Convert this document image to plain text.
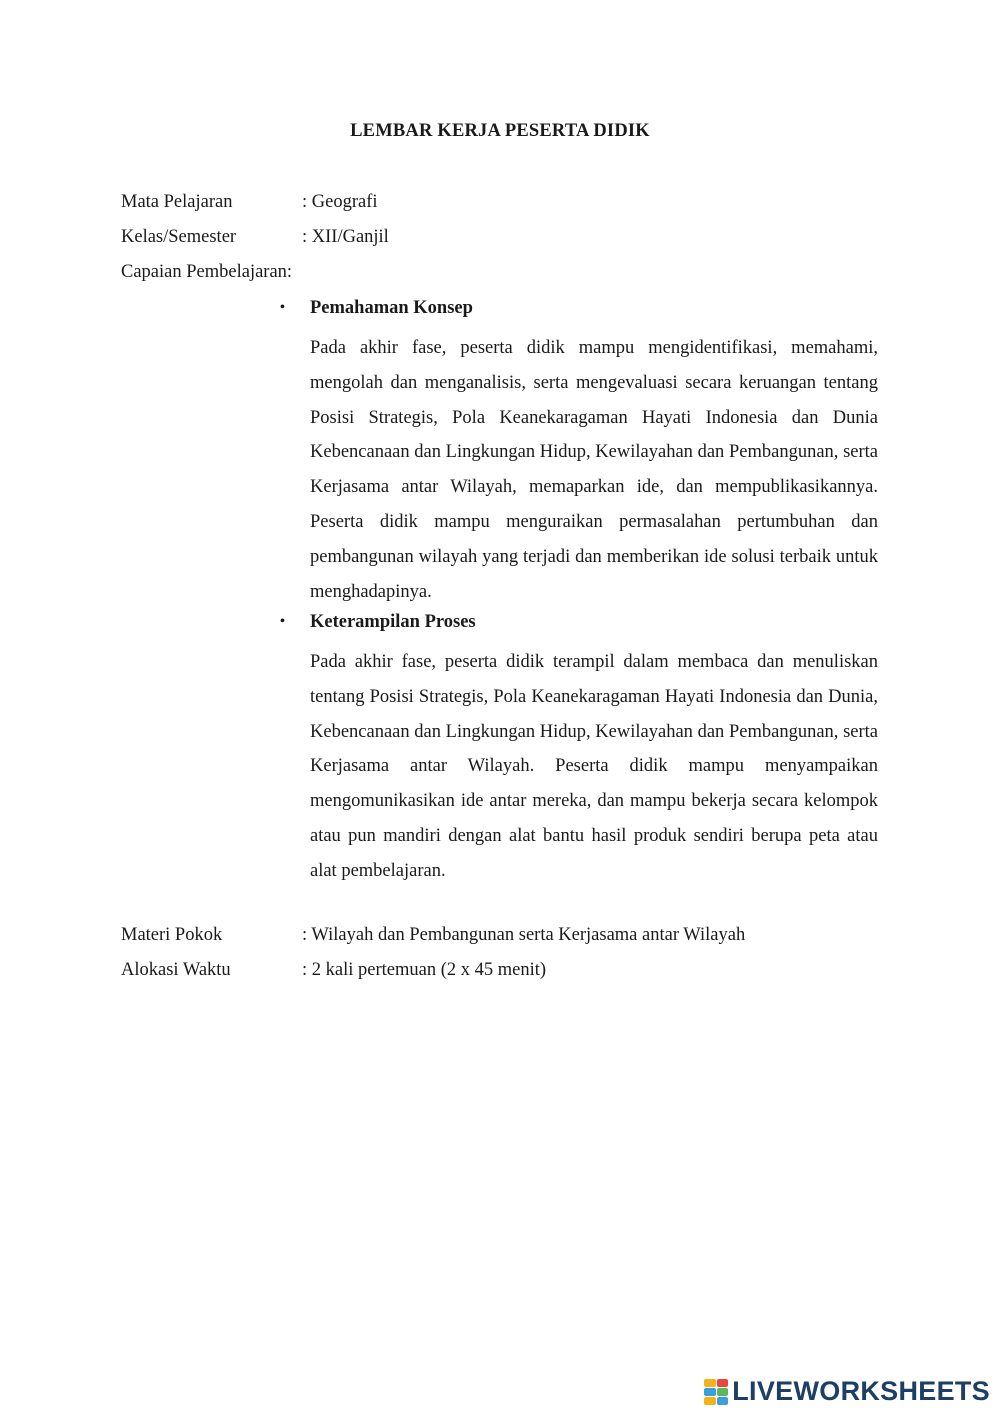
LEMBAR KERJA PESERTA DIDIK
Mata Pelajaran	: Geografi
Kelas/Semester	: XII/Ganjil
Capaian Pembelajaran:
• Pemahaman Konsep
Pada akhir fase, peserta didik mampu mengidentifikasi, memahami, mengolah dan menganalisis, serta mengevaluasi secara keruangan tentang Posisi Strategis, Pola Keanekaragaman Hayati Indonesia dan Dunia Kebencanaan dan Lingkungan Hidup, Kewilayahan dan Pembangunan, serta Kerjasama antar Wilayah, memaparkan ide, dan mempublikasikannya. Peserta didik mampu menguraikan permasalahan pertumbuhan dan pembangunan wilayah yang terjadi dan memberikan ide solusi terbaik untuk menghadapinya.
• Keterampilan Proses
Pada akhir fase, peserta didik terampil dalam membaca dan menuliskan tentang Posisi Strategis, Pola Keanekaragaman Hayati Indonesia dan Dunia, Kebencanaan dan Lingkungan Hidup, Kewilayahan dan Pembangunan, serta Kerjasama antar Wilayah. Peserta didik mampu menyampaikan mengomunikasikan ide antar mereka, dan mampu bekerja secara kelompok atau pun mandiri dengan alat bantu hasil produk sendiri berupa peta atau alat pembelajaran.
Materi Pokok	: Wilayah dan Pembangunan serta Kerjasama antar Wilayah
Alokasi Waktu	: 2 kali pertemuan (2 x 45 menit)
LIVEWORKSHEETS
